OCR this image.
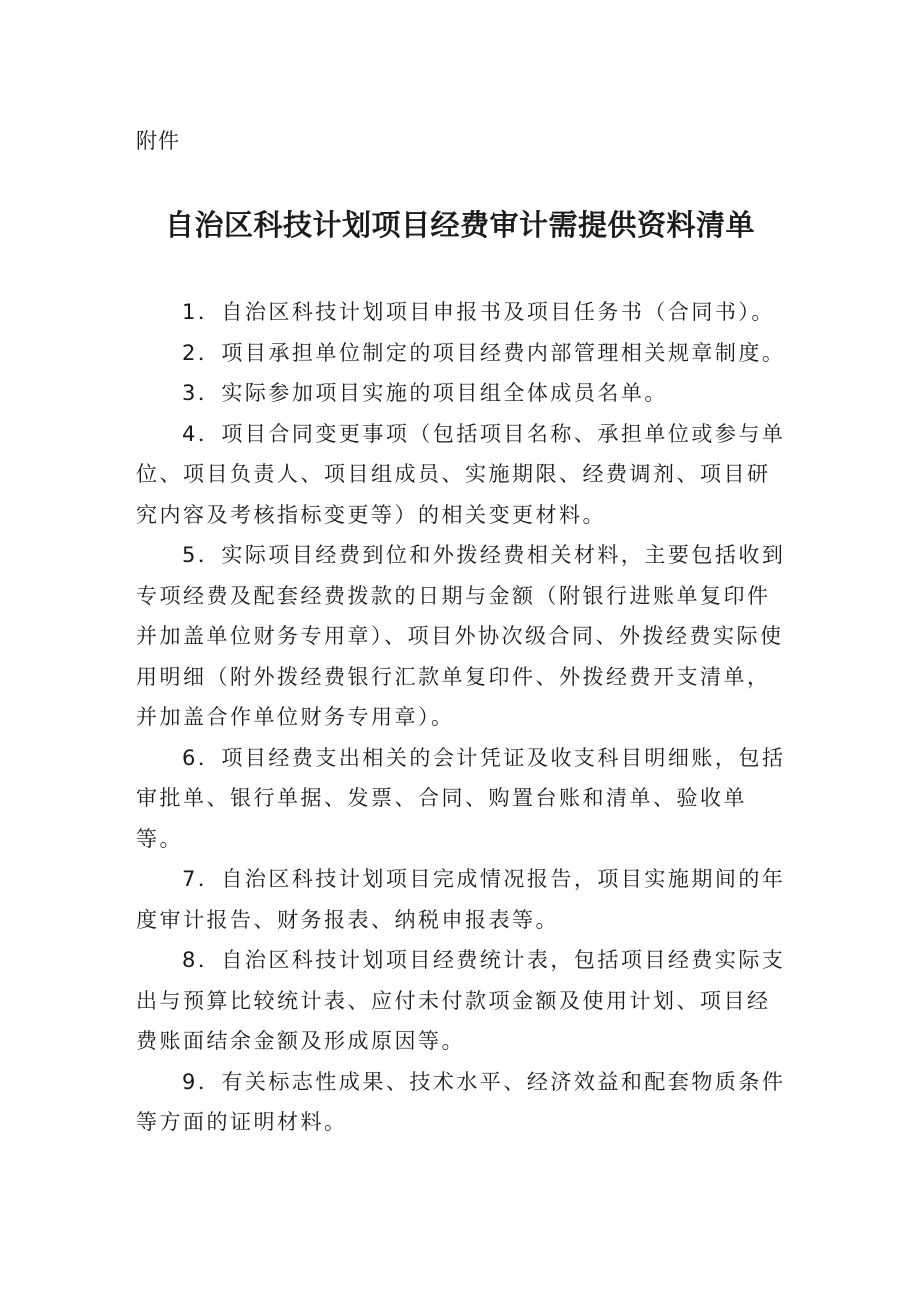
附件
自治区科技计划项目经费审计需提供资料清单

1．自治区科技计划项目申报书及项目任务书（合同书）。

2．项目承担单位制定的项目经费内部管理相关规章制度。

3．实际参加项目实施的项目组全体成员名单。

4．项目合同变更事项（包括项目名称、承担单位或参与单位、项目负责人、项目组成员、实施期限、经费调剂、项目研究内容及考核指标变更等）的相关变更材料。

5．实际项目经费到位和外拨经费相关材料，主要包括收到专项经费及配套经费拨款的日期与金额（附银行进账单复印件并加盖单位财务专用章）、项目外协次级合同、外拨经费实际使用明细（附外拨经费银行汇款单复印件、外拨经费开支清单，并加盖合作单位财务专用章）。

6．项目经费支出相关的会计凭证及收支科目明细账，包括审批单、银行单据、发票、合同、购置台账和清单、验收单等。

7．自治区科技计划项目完成情况报告，项目实施期间的年度审计报告、财务报表、纳税申报表等。

8．自治区科技计划项目经费统计表，包括项目经费实际支出与预算比较统计表、应付未付款项金额及使用计划、项目经费账面结余金额及形成原因等。

9．有关标志性成果、技术水平、经济效益和配套物质条件等方面的证明材料。
